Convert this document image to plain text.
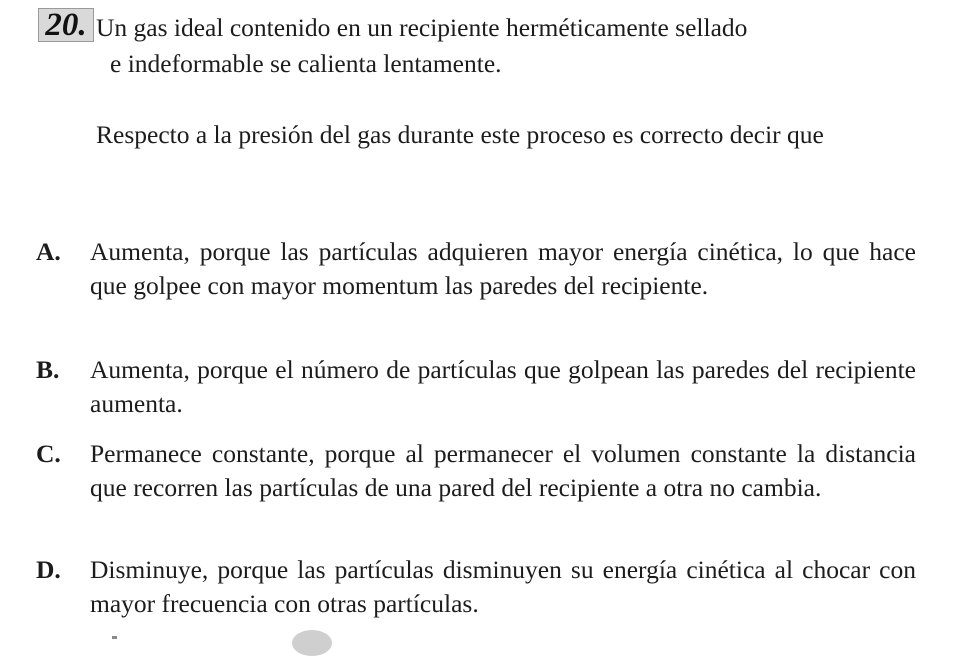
20. Un gas ideal contenido en un recipiente herméticamente sellado
e indeformable se calienta lentamente.

Respecto a la presión del gas durante este proceso es correcto decir que

A.	Aumenta, porque las partículas adquieren mayor energía cinética, lo que hace que golpee con mayor momentum las paredes del recipiente.
B.	Aumenta, porque el número de partículas que golpean las paredes del recipiente aumenta.
C.	Permanece constante, porque al permanecer el volumen constante la distancia que recorren las partículas de una pared del recipiente a otra no cambia.
D.	Disminuye, porque las partículas disminuyen su energía cinética al chocar con mayor frecuencia con otras partículas.
